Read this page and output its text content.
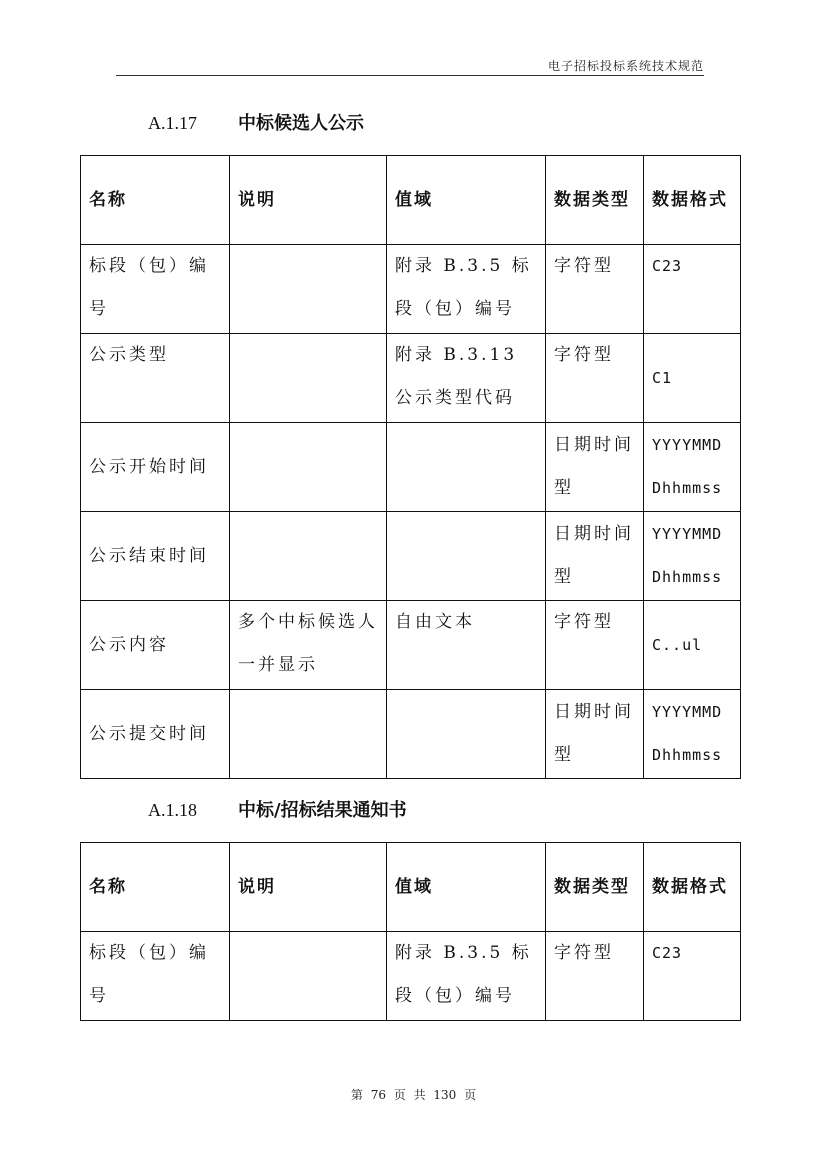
电子招标投标系统技术规范
A.1.17 中标候选人公示
名称	说明	值域	数据类型	数据格式
标段（包）编号		附录 B.3.5 标段（包）编号	字符型	C23
公示类型		附录 B.3.13 公示类型代码	字符型	C1
公示开始时间			日期时间型	YYYYMMDDhhmmss
公示结束时间			日期时间型	YYYYMMDDhhmmss
公示内容	多个中标候选人一并显示	自由文本	字符型	C..ul
公示提交时间			日期时间型	YYYYMMDDhhmmss
A.1.18 中标/招标结果通知书
名称	说明	值域	数据类型	数据格式
标段（包）编号		附录 B.3.5 标段（包）编号	字符型	C23
第 76 页 共 130 页
